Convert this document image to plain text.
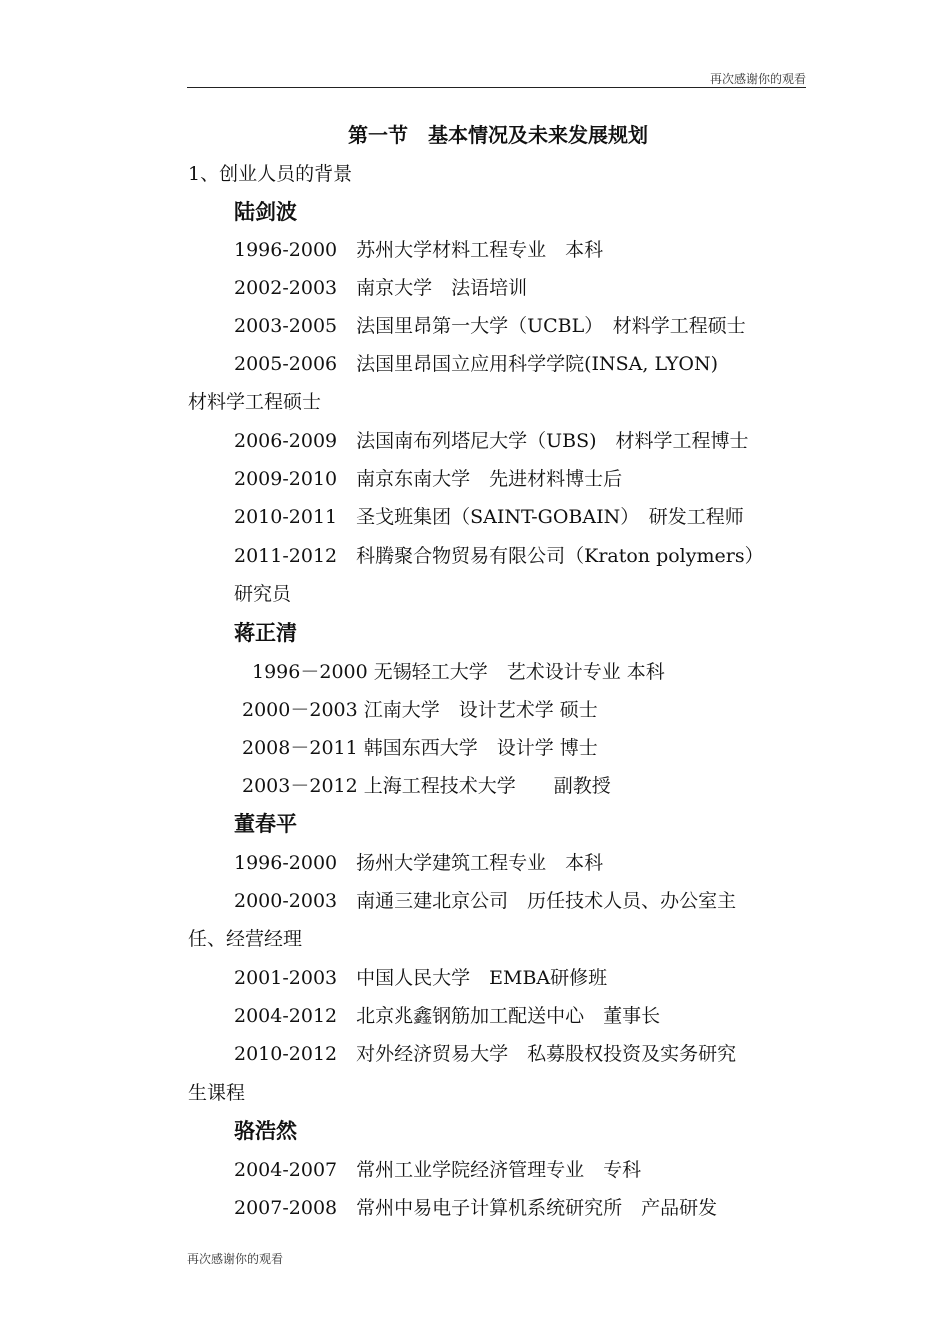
再次感谢你的观看
第一节　基本情况及未来发展规划
1、创业人员的背景
陆剑波
1996-2000　苏州大学材料工程专业　本科
2002-2003　南京大学　法语培训
2003-2005　法国里昂第一大学（UCBL）　材料学工程硕士
2005-2006　法国里昂国立应用科学学院(INSA, LYON)
材料学工程硕士
2006-2009　法国南布列塔尼大学（UBS)　材料学工程博士
2009-2010　南京东南大学　先进材料博士后
2010-2011　圣戈班集团（SAINT-GOBAIN）　研发工程师
2011-2012　科腾聚合物贸易有限公司（Kraton polymers）
研究员
蒋正清
1996－2000 无锡轻工大学　艺术设计专业 本科
2000－2003 江南大学　设计艺术学 硕士
2008－2011 韩国东西大学　设计学 博士
2003－2012 上海工程技术大学　　副教授
董春平
1996-2000　扬州大学建筑工程专业　本科
2000-2003　南通三建北京公司　历任技术人员、办公室主
任、经营经理
2001-2003　中国人民大学　EMBA研修班
2004-2012　北京兆鑫钢筋加工配送中心　董事长
2010-2012　对外经济贸易大学　私募股权投资及实务研究
生课程
骆浩然
2004-2007　常州工业学院经济管理专业　专科
2007-2008　常州中易电子计算机系统研究所　产品研发
再次感谢你的观看
